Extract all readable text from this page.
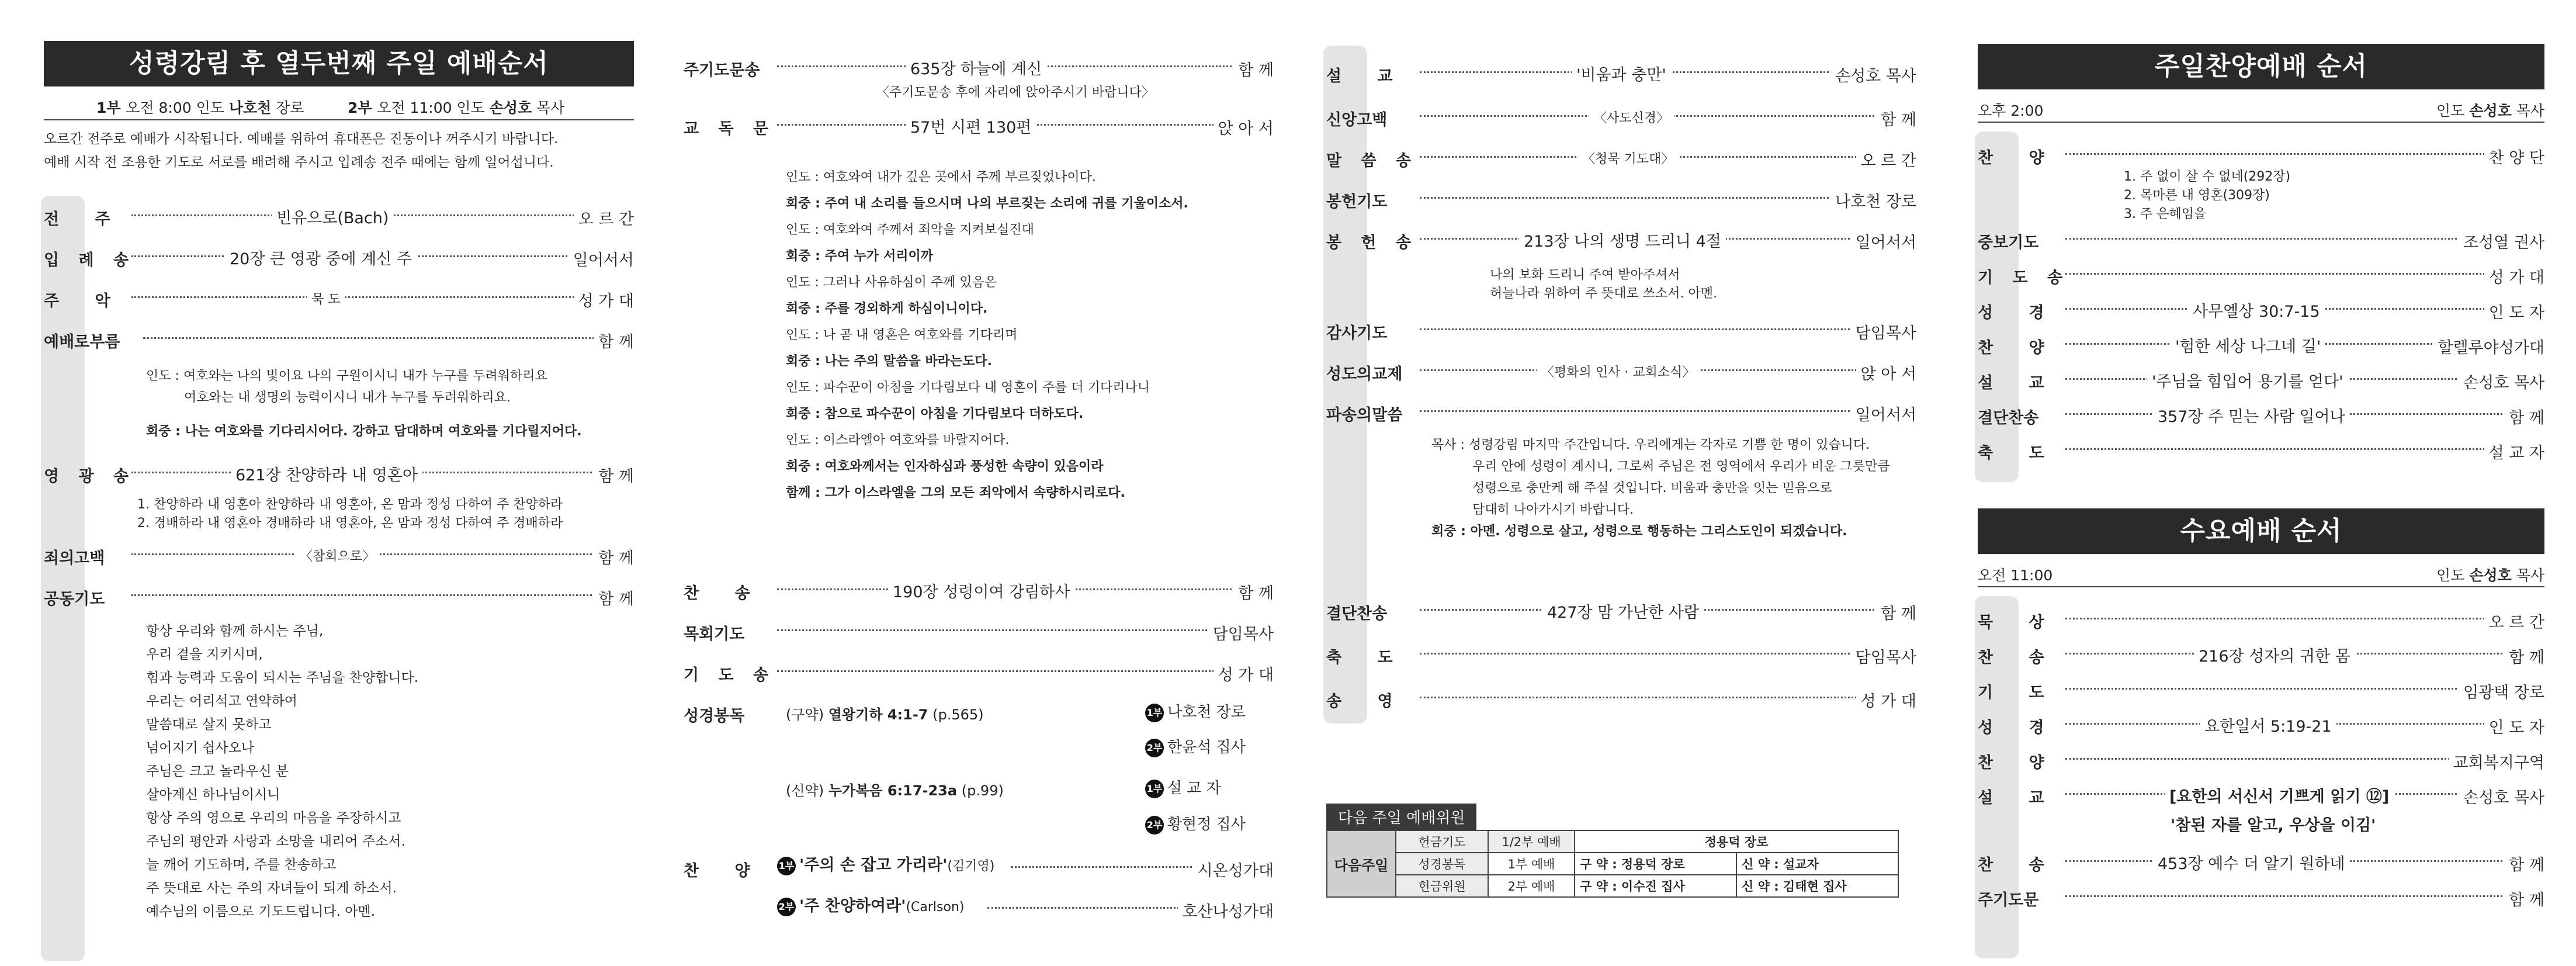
성령강림 후 열두번째 주일 예배순서
1부 오전 8:00 인도 나호천 장로	2부 오전 11:00 인도 손성호 목사
오르간 전주로 예배가 시작됩니다. 예배를 위하여 휴대폰은 진동이나 꺼주시기 바랍니다.
예배 시작 전 조용한 기도로 서로를 배려해 주시고 입례송 전주 때에는 함께 일어섭니다.
전 주	빈유으로(Bach)	오 르 간
입 례 송	20장 큰 영광 중에 계신 주	일어서서
주 악	묵 도	성 가 대
예배로부름	함 께
인도 : 여호와는 나의 빛이요 나의 구원이시니 내가 누구를 두려워하리요
여호와는 내 생명의 능력이시니 내가 누구를 두려워하리요.
회중 : 나는 여호와를 기다리시어다. 강하고 담대하며 여호와를 기다릴지어다.
영 광 송	621장 찬양하라 내 영혼아	함 께
1. 찬양하라 내 영혼아 찬양하라 내 영혼아, 온 맘과 정성 다하여 주 찬양하라
2. 경배하라 내 영혼아 경배하라 내 영혼아, 온 맘과 정성 다하여 주 경배하라
죄의고백	〈참회으로〉	함 께
공동기도	함 께
항상 우리와 함께 하시는 주님,
우리 곁을 지키시며,
힘과 능력과 도움이 되시는 주님을 찬양합니다.
우리는 어리석고 연약하여
말씀대로 살지 못하고
넘어지기 쉽사오나
주님은 크고 놀라우신 분
살아계신 하나님이시니
항상 주의 영으로 우리의 마음을 주장하시고
주님의 평안과 사랑과 소망을 내리어 주소서.
늘 깨어 기도하며, 주를 찬송하고
주 뜻대로 사는 주의 자녀들이 되게 하소서.
예수님의 이름으로 기도드립니다. 아멘.
주기도문송	635장 하늘에 계신	함 께
〈주기도문송 후에 자리에 앉아주시기 바랍니다〉
교 독 문	57번 시편 130편	앉 아 서
인도 : 여호와여 내가 깊은 곳에서 주께 부르짖었나이다.
회중 : 주여 내 소리를 들으시며 나의 부르짖는 소리에 귀를 기울이소서.
인도 : 여호와여 주께서 죄악을 지켜보실진대
회중 : 주여 누가 서리이까
인도 : 그러나 사유하심이 주께 있음은
회중 : 주를 경외하게 하심이니이다.
인도 : 나 곧 내 영혼은 여호와를 기다리며
회중 : 나는 주의 말씀을 바라는도다.
인도 : 파수꾼이 아침을 기다림보다 내 영혼이 주를 더 기다리나니
회중 : 참으로 파수꾼이 아침을 기다림보다 더하도다.
인도 : 이스라엘아 여호와를 바랄지어다.
회중 : 여호와께서는 인자하심과 풍성한 속량이 있음이라
함께 : 그가 이스라엘을 그의 모든 죄악에서 속량하시리로다.
찬 송	190장 성령이여 강림하사	함 께
목회기도	담임목사
기 도 송	성 가 대
성경봉독	(구약) 열왕기하 4:1-7 (p.565)	1부 나호천 장로
2부 한윤석 집사
(신약) 누가복음 6:17-23a (p.99)	1부 설 교 자
2부 황현정 집사
찬 양 1부 '주의 손 잡고 가리라'(김기영)	시온성가대
2부 '주 찬양하여라'(Carlson)	호산나성가대
설 교	'비움과 충만'	손성호 목사
신앙고백	〈사도신경〉	함 께
말 씀 송	〈청묵 기도대〉	오 르 간
봉헌기도	나호천 장로
봉 헌 송	213장 나의 생명 드리니 4절	일어서서
나의 보화 드리니 주여 받아주셔서
허늘나라 위하여 주 뜻대로 쓰소서. 아멘.
감사기도	담임목사
성도의교제	〈평화의 인사 · 교회소식〉	앉 아 서
파송의말씀	일어서서
목사 : 성령강림 마지막 주간입니다. 우리에게는 각자로 기쁨 한 명이 있습니다.
우리 안에 성령이 계시니, 그로써 주님은 전 영역에서 우리가 비운 그릇만큼
성령으로 충만케 해 주실 것입니다. 비움과 충만을 잇는 믿음으로
담대히 나아가시기 바랍니다.
회중 : 아멘. 성령으로 살고, 성령으로 행동하는 그리스도인이 되겠습니다.
결단찬송	427장 맘 가난한 사람	함 께
축 도	담임목사
송 영	성 가 대
다음 주일 예배위원
다음주일	헌금기도	1/2부 예배	정용덕 장로	
	성경봉독	1부 예배	구 약 : 정용덕 장로	신 약 : 설교자
	헌금위원	2부 예배	구 약 : 이수진 집사	신 약 : 김태현 집사
주일찬양예배 순서
오후 2:00	인도 손성호 목사
찬 양	찬 양 단
1. 주 없이 살 수 없네(292장)
2. 목마른 내 영혼(309장)
3. 주 은혜임을
중보기도	조성열 권사
기 도 송	성 가 대
성 경	사무엘상 30:7-15	인 도 자
찬 양	'험한 세상 나그네 길'	할렐루야성가대
설 교	'주님을 힘입어 용기를 얻다'	손성호 목사
결단찬송	357장 주 믿는 사람 일어나	함 께
축 도	설 교 자
수요예배 순서
오전 11:00	인도 손성호 목사
묵 상	오 르 간
찬 송	216장 성자의 귀한 몸	함 께
기 도	임광택 장로
성 경	요한일서 5:19-21	인 도 자
찬 양	교회복지구역
설 교	[요한의 서신서 기쁘게 읽기 ⑫]	손성호 목사
'참된 자를 알고, 우상을 이김'
찬 송	453장 예수 더 알기 원하네	함 께
주기도문	함 께
